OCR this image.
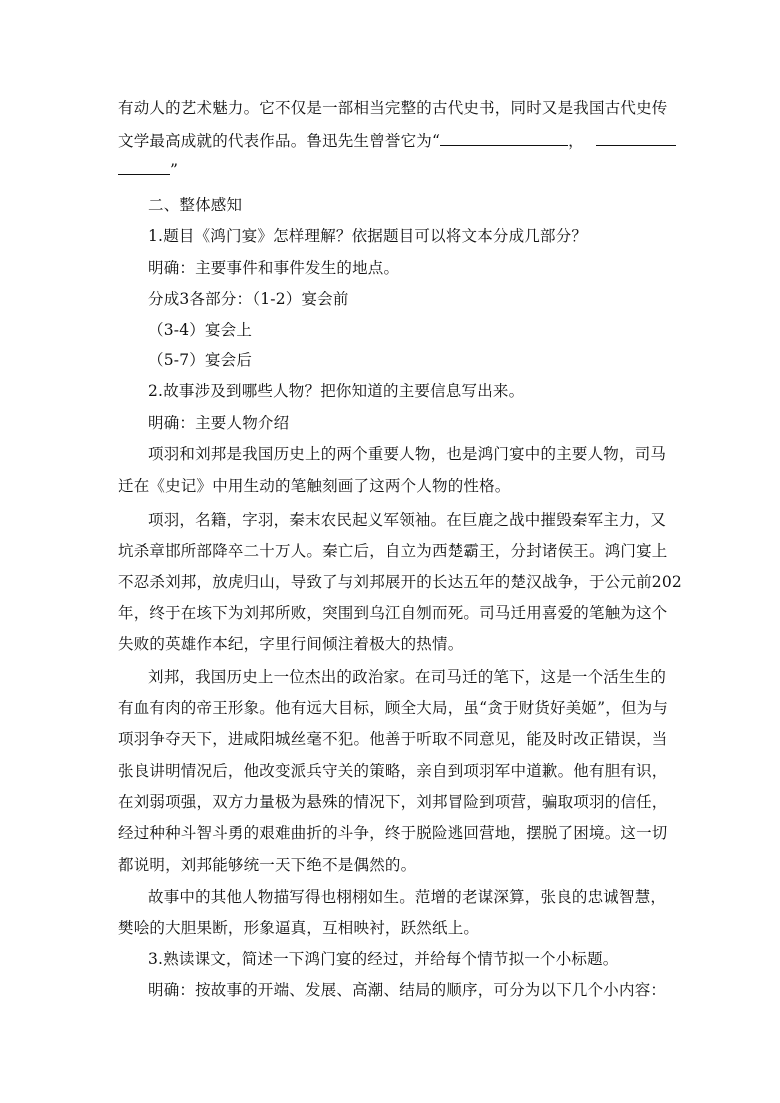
有动人的艺术魅力。它不仅是一部相当完整的古代史书，同时又是我国古代史传
文学最高成就的代表作品。鲁迅先生曾誉它为“	，
”
二、整体感知
1.题目《鸿门宴》怎样理解？依据题目可以将文本分成几部分？
明确：主要事件和事件发生的地点。
分成3各部分：（1-2）宴会前
（3-4）宴会上
（5-7）宴会后
2.故事涉及到哪些人物？把你知道的主要信息写出来。
明确：主要人物介绍
项羽和刘邦是我国历史上的两个重要人物，也是鸿门宴中的主要人物，司马
迁在《史记》中用生动的笔触刻画了这两个人物的性格。
项羽，名籍，字羽，秦末农民起义军领袖。在巨鹿之战中摧毁秦军主力，又
坑杀章邯所部降卒二十万人。秦亡后，自立为西楚霸王，分封诸侯王。鸿门宴上
不忍杀刘邦，放虎归山，导致了与刘邦展开的长达五年的楚汉战争，于公元前202
年，终于在垓下为刘邦所败，突围到乌江自刎而死。司马迁用喜爱的笔触为这个
失败的英雄作本纪，字里行间倾注着极大的热情。
刘邦，我国历史上一位杰出的政治家。在司马迁的笔下，这是一个活生生的
有血有肉的帝王形象。他有远大目标，顾全大局，虽“贪于财货好美姬”，但为与
项羽争夺天下，进咸阳城丝毫不犯。他善于听取不同意见，能及时改正错误，当
张良讲明情况后，他改变派兵守关的策略，亲自到项羽军中道歉。他有胆有识，
在刘弱项强，双方力量极为悬殊的情况下，刘邦冒险到项营，骗取项羽的信任，
经过种种斗智斗勇的艰难曲折的斗争，终于脱险逃回营地，摆脱了困境。这一切
都说明，刘邦能够统一天下绝不是偶然的。
故事中的其他人物描写得也栩栩如生。范增的老谋深算，张良的忠诚智慧，
樊哙的大胆果断，形象逼真，互相映衬，跃然纸上。
3.熟读课文，简述一下鸿门宴的经过，并给每个情节拟一个小标题。
明确：按故事的开端、发展、高潮、结局的顺序，可分为以下几个小内容：
